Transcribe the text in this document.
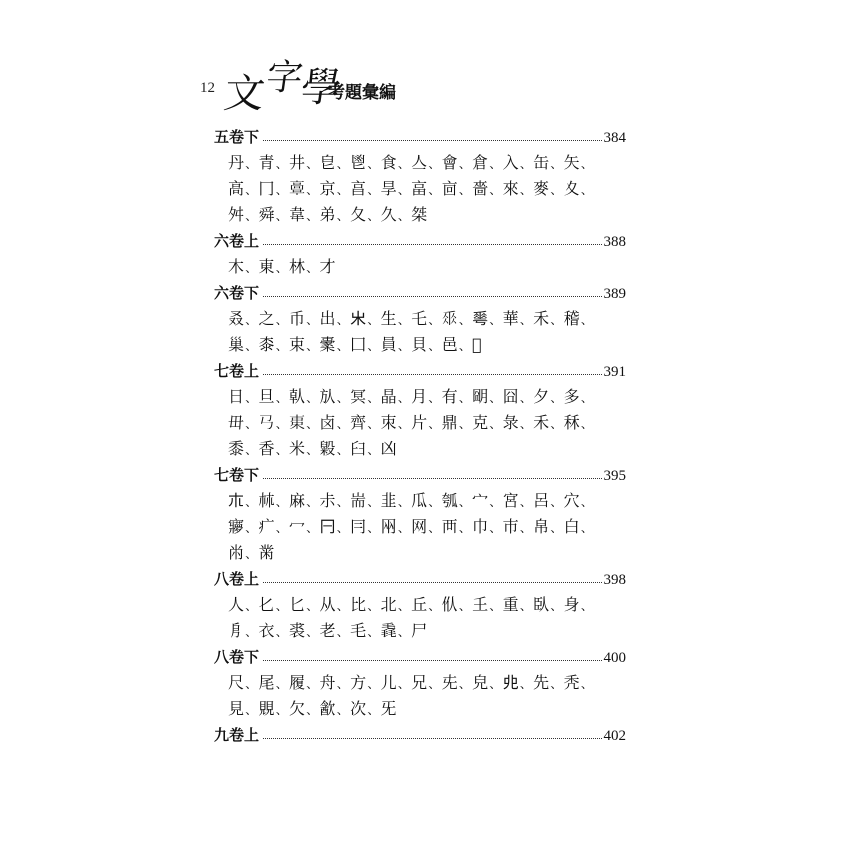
12 文字學
考題彙編
五卷下	384
丹、青、井、皀、鬯、食、亼、會、倉、入、缶、矢、
高、冂、𩫏、京、亯、㫗、畗、㐭、嗇、來、麥、夊、
舛、舜、韋、弟、夂、久、桀
六卷上	388
木、東、林、才
六卷下	389
叒、之、币、出、𣎵、生、乇、𠂹、𠌶、華、禾、稽、
巢、桼、束、㯻、囗、員、貝、邑、𨛜
七卷上	391
日、旦、倝、㫃、冥、晶、月、有、朙、囧、夕、多、
毌、𢎘、𣐺、卤、齊、朿、片、鼎、克、彔、禾、秝、
黍、香、米、毇、臼、凶
七卷下	395
𣎳、𣏟、麻、尗、耑、韭、瓜、瓠、宀、宮、呂、穴、
㝱、疒、冖、𠔼、冃、㒳、网、襾、巾、巿、帛、白、
㡀、黹
八卷上	398
人、𠤎、匕、从、比、北、丘、㐺、𡈼、重、臥、身、
㐆、衣、裘、老、毛、毳、尸
八卷下	400
尺、尾、履、舟、方、儿、兄、兂、皃、𠑹、先、秃、
見、覞、欠、㱃、次、旡
九卷上	402
